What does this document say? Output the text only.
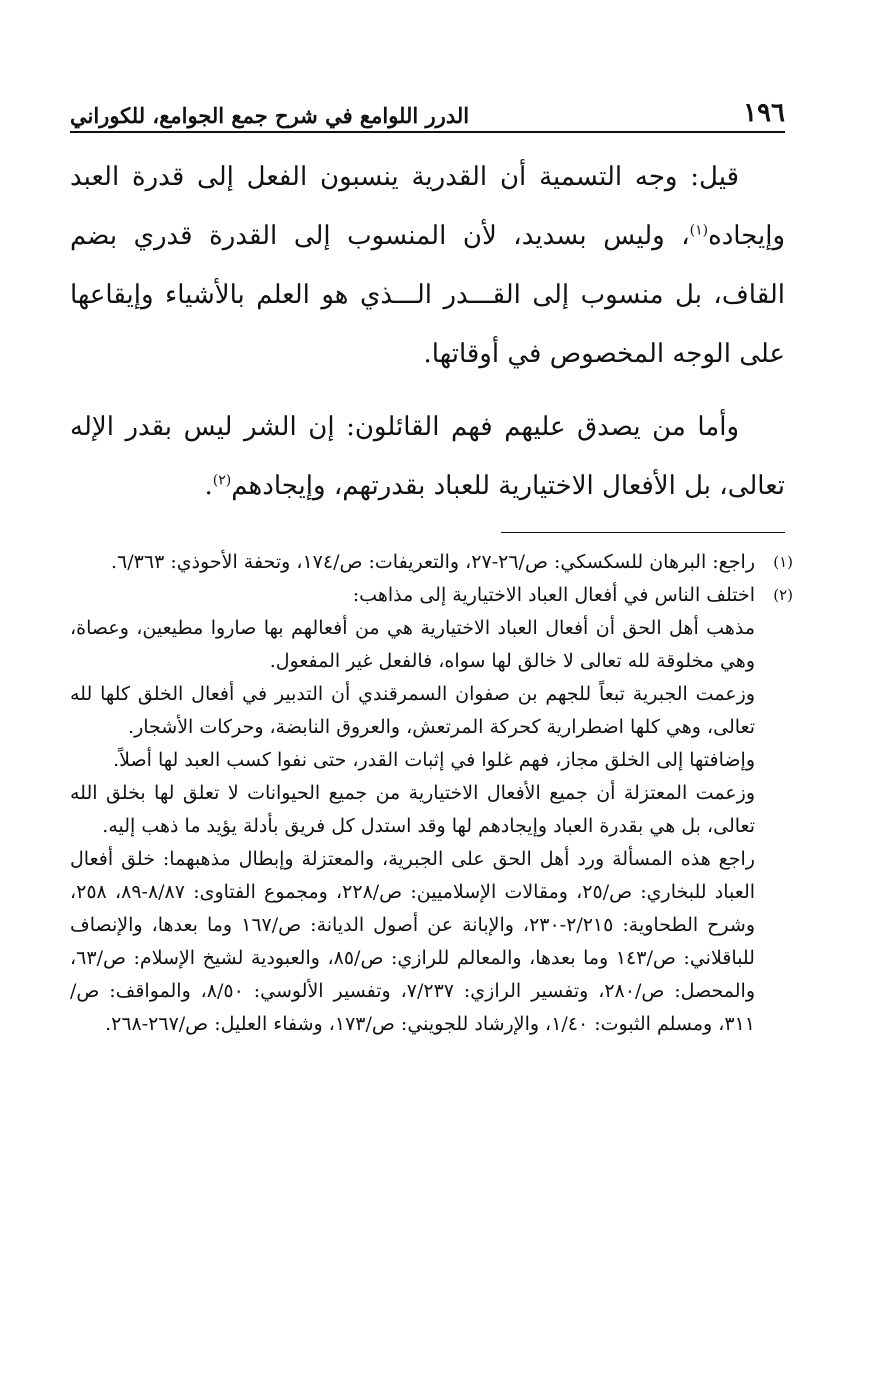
الدرر اللوامع في شرح جمع الجوامع، للكوراني	١٩٦

قيل: وجه التسمية أن القدرية ينسبون الفعل إلى قدرة العبد وإيجاده$^{(١)}$، وليس بسديد، لأن المنسوب إلى القدرة قدري بضم القاف، بل منسوب إلى القـــدر الـــذي هو العلم بالأشياء وإيقاعها على الوجه المخصوص في أوقاتها.

وأما من يصدق عليهم فهم القائلون: إن الشر ليس بقدر الإله تعالى، بل الأفعال الاختيارية للعباد بقدرتهم، وإيجادهم$^{(٢)}$.

(١)
راجع: البرهان للسكسكي: ص/٢٦-٢٧، والتعريفات: ص/١٧٤، وتحفة الأحوذي: ٦/٣٦٣.
(٢)
اختلف الناس في أفعال العباد الاختيارية إلى مذاهب:

مذهب أهل الحق أن أفعال العباد الاختيارية هي من أفعالهم بها صاروا مطيعين، وعصاة، وهي مخلوقة لله تعالى لا خالق لها سواه، فالفعل غير المفعول.

وزعمت الجبرية تبعاً للجهم بن صفوان السمرقندي أن التدبير في أفعال الخلق كلها لله تعالى، وهي كلها اضطرارية كحركة المرتعش، والعروق النابضة، وحركات الأشجار.

وإضافتها إلى الخلق مجاز، فهم غلوا في إثبات القدر، حتى نفوا كسب العبد لها أصلاً.

وزعمت المعتزلة أن جميع الأفعال الاختيارية من جميع الحيوانات لا تعلق لها بخلق الله تعالى، بل هي بقدرة العباد وإيجادهم لها وقد استدل كل فريق بأدلة يؤيد ما ذهب إليه.

راجع هذه المسألة ورد أهل الحق على الجبرية، والمعتزلة وإبطال مذهبهما: خلق أفعال العباد للبخاري: ص/٢٥، ومقالات الإسلاميين: ص/٢٢٨، ومجموع الفتاوى: ٨/٨٧-٨٩، ٢٥٨، وشرح الطحاوية: ٢/٢١٥-٢٣٠، والإبانة عن أصول الديانة: ص/١٦٧ وما بعدها، والإنصاف للباقلاني: ص/١٤٣ وما بعدها، والمعالم للرازي: ص/٨٥، والعبودية لشيخ الإسلام: ص/٦٣، والمحصل: ص/٢٨٠، وتفسير الرازي: ٧/٢٣٧، وتفسير الألوسي: ٨/٥٠، والمواقف: ص/٣١١، ومسلم الثبوت: ١/٤٠، والإرشاد للجويني: ص/١٧٣، وشفاء العليل: ص/٢٦٧-٢٦٨.
